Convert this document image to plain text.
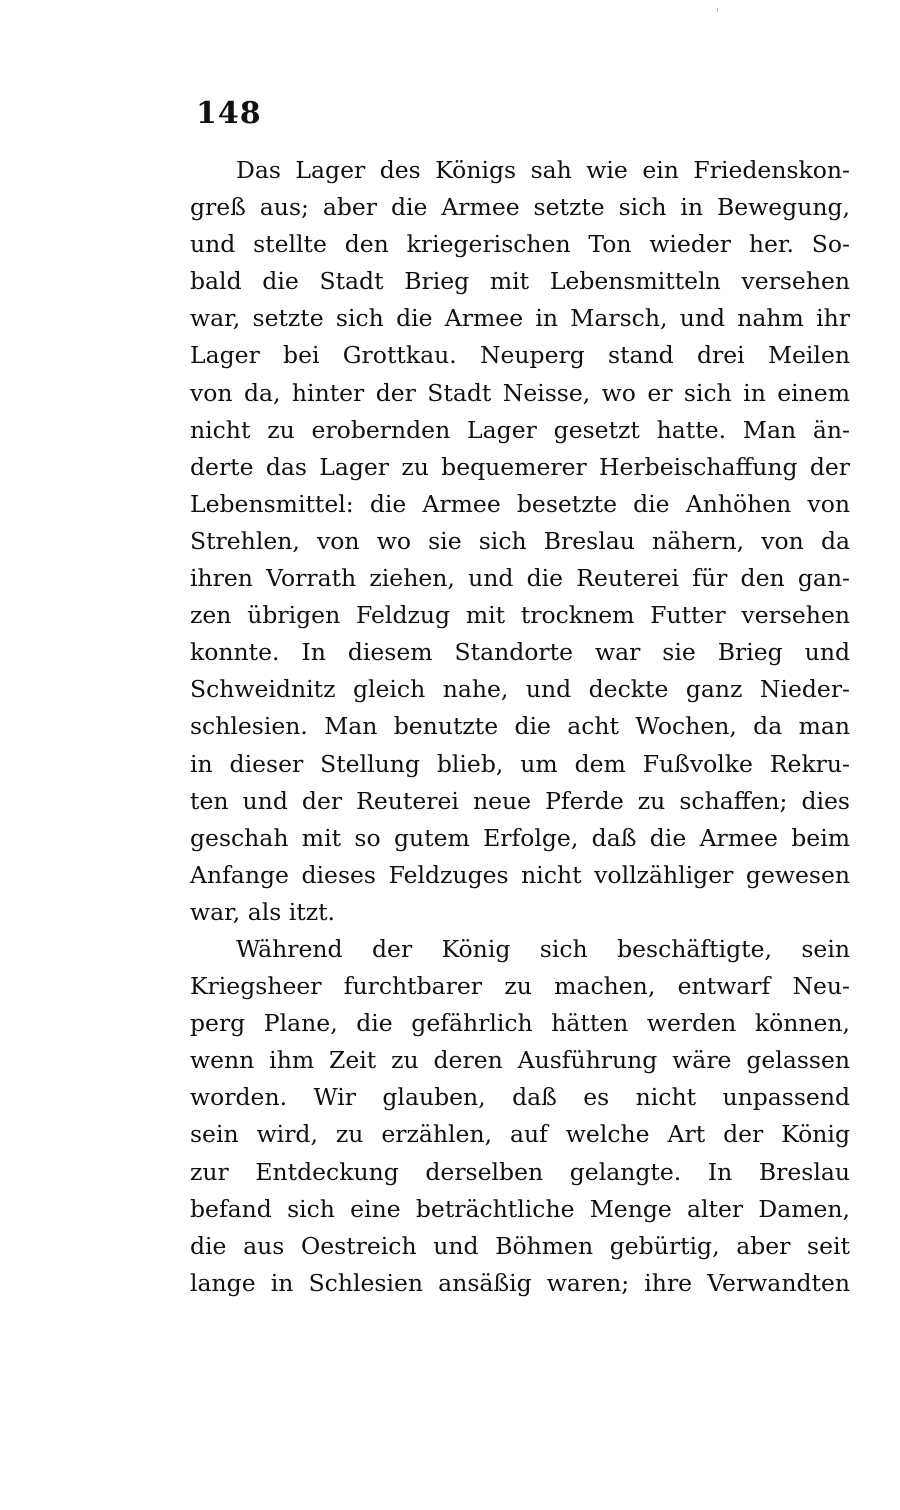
148
Das Lager des Königs sah wie ein Friedenskon-
greß aus; aber die Armee setzte sich in Bewegung,
und stellte den kriegerischen Ton wieder her. So-
bald die Stadt Brieg mit Lebensmitteln versehen
war, setzte sich die Armee in Marsch, und nahm ihr
Lager bei Grottkau. Neuperg stand drei Meilen
von da, hinter der Stadt Neisse, wo er sich in einem
nicht zu erobernden Lager gesetzt hatte. Man än-
derte das Lager zu bequemerer Herbeischaffung der
Lebensmittel: die Armee besetzte die Anhöhen von
Strehlen, von wo sie sich Breslau nähern, von da
ihren Vorrath ziehen, und die Reuterei für den gan-
zen übrigen Feldzug mit trocknem Futter versehen
konnte. In diesem Standorte war sie Brieg und
Schweidnitz gleich nahe, und deckte ganz Nieder-
schlesien. Man benutzte die acht Wochen, da man
in dieser Stellung blieb, um dem Fußvolke Rekru-
ten und der Reuterei neue Pferde zu schaffen; dies
geschah mit so gutem Erfolge, daß die Armee beim
Anfange dieses Feldzuges nicht vollzähliger gewesen
war, als itzt.
Während der König sich beschäftigte, sein
Kriegsheer furchtbarer zu machen, entwarf Neu-
perg Plane, die gefährlich hätten werden können,
wenn ihm Zeit zu deren Ausführung wäre gelassen
worden. Wir glauben, daß es nicht unpassend
sein wird, zu erzählen, auf welche Art der König
zur Entdeckung derselben gelangte. In Breslau
befand sich eine beträchtliche Menge alter Damen,
die aus Oestreich und Böhmen gebürtig, aber seit
lange in Schlesien ansäßig waren; ihre Verwandten
